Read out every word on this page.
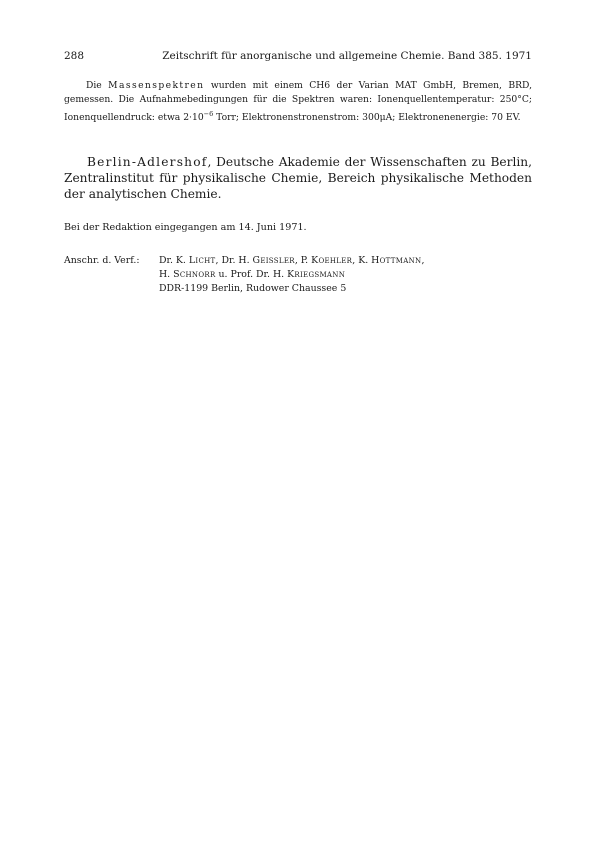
288	Zeitschrift für anorganische und allgemeine Chemie. Band 385. 1971

Die Massenspektren wurden mit einem CH6 der Varian MAT GmbH, Bremen, BRD, gemessen. Die Aufnahmebedingungen für die Spektren waren: Ionenquellentemperatur: 250°C; Ionenquellendruck: etwa $2\cdot 10^{-6}$ Torr; Elektronenstronenstrom: 300μA; Elektronenenergie: 70 EV.

Berlin-Adlershof, Deutsche Akademie der Wissenschaften zu Berlin, Zentralinstitut für physikalische Chemie, Bereich physikalische Methoden der analytischen Chemie.

Bei der Redaktion eingegangen am 14. Juni 1971.

Anschr. d. Verf.: Dr. K. Licht, Dr. H. Geissler, P. Koehler, K. Hottmann,
H. Schnorr u. Prof. Dr. H. Kriegsmann
DDR-1199 Berlin, Rudower Chaussee 5
